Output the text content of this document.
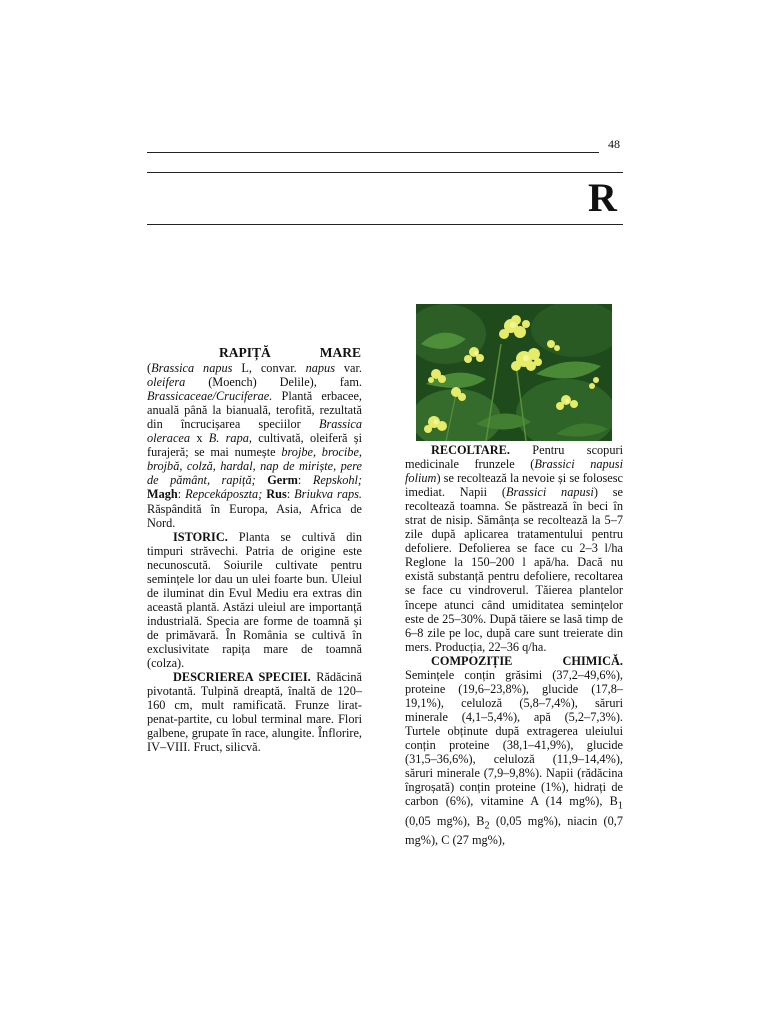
48
R
RAPIȚĂ	MARE
(Brassica napus L, convar. napus var. oleifera (Moench) Delile), fam. Brassicaceae/Cruciferae. Plantă erbacee, anuală până la bianuală, terofită, rezultată din încrucișarea speciilor Brassica oleracea x B. rapa, cultivată, oleiferă și furajeră; se mai numește brojbe, brocibe, brojbă, colză, hardal, nap de miriște, pere de pământ, rapiță; Germ: Repskohl; Magh: Repcekáposzta; Rus: Briukva raps. Răspândită în Europa, Asia, Africa de Nord.

ISTORIC. Planta se cultivă din timpuri străvechi. Patria de origine este necunoscută. Soiurile cultivate pentru semințele lor dau un ulei foarte bun. Uleiul de iluminat din Evul Mediu era extras din această plantă. Astăzi uleiul are importanță industrială. Specia are forme de toamnă și de primăvară. În România se cultivă în exclusivitate rapița mare de toamnă (colza).

DESCRIEREA SPECIEI. Rădăcină pivotantă. Tulpină dreaptă, înaltă de 120–160 cm, mult ramificată. Frunze lirat-penat-partite, cu lobul terminal mare. Flori galbene, grupate în race, alungite. Înflorire, IV–VIII. Fruct, silicvă.

RECOLTARE. Pentru scopuri medicinale frunzele (Brassici napusi folium) se recoltează la nevoie și se folosesc imediat. Napii (Brassici napusi) se recoltează toamna. Se păstrează în beci în strat de nisip. Sămânța se recoltează la 5–7 zile după aplicarea tratamentului pentru defoliere. Defolierea se face cu 2–3 l/ha Reglone la 150–200 l apă/ha. Dacă nu există substanță pentru defoliere, recoltarea se face cu vindroverul. Tăierea plantelor începe atunci când umiditatea semințelor este de 25–30%. După tăiere se lasă timp de 6–8 zile pe loc, după care sunt treierate din mers. Producția, 22–36 q/ha.

COMPOZIȚIE CHIMICĂ. Semințele conțin grăsimi (37,2–49,6%), proteine (19,6–23,8%), glucide (17,8–19,1%), celuloză (5,8–7,4%), săruri minerale (4,1–5,4%), apă (5,2–7,3%). Turtele obținute după extragerea uleiului conțin proteine (38,1–41,9%), glucide (31,5–36,6%), celuloză (11,9–14,4%), săruri minerale (7,9–9,8%). Napii (rădăcina îngroșată) conțin proteine (1%), hidrați de carbon (6%), vitamine A (14 mg%), $B_1$ (0,05 mg%), $B_2$ (0,05 mg%), niacin (0,7 mg%), C (27 mg%),
